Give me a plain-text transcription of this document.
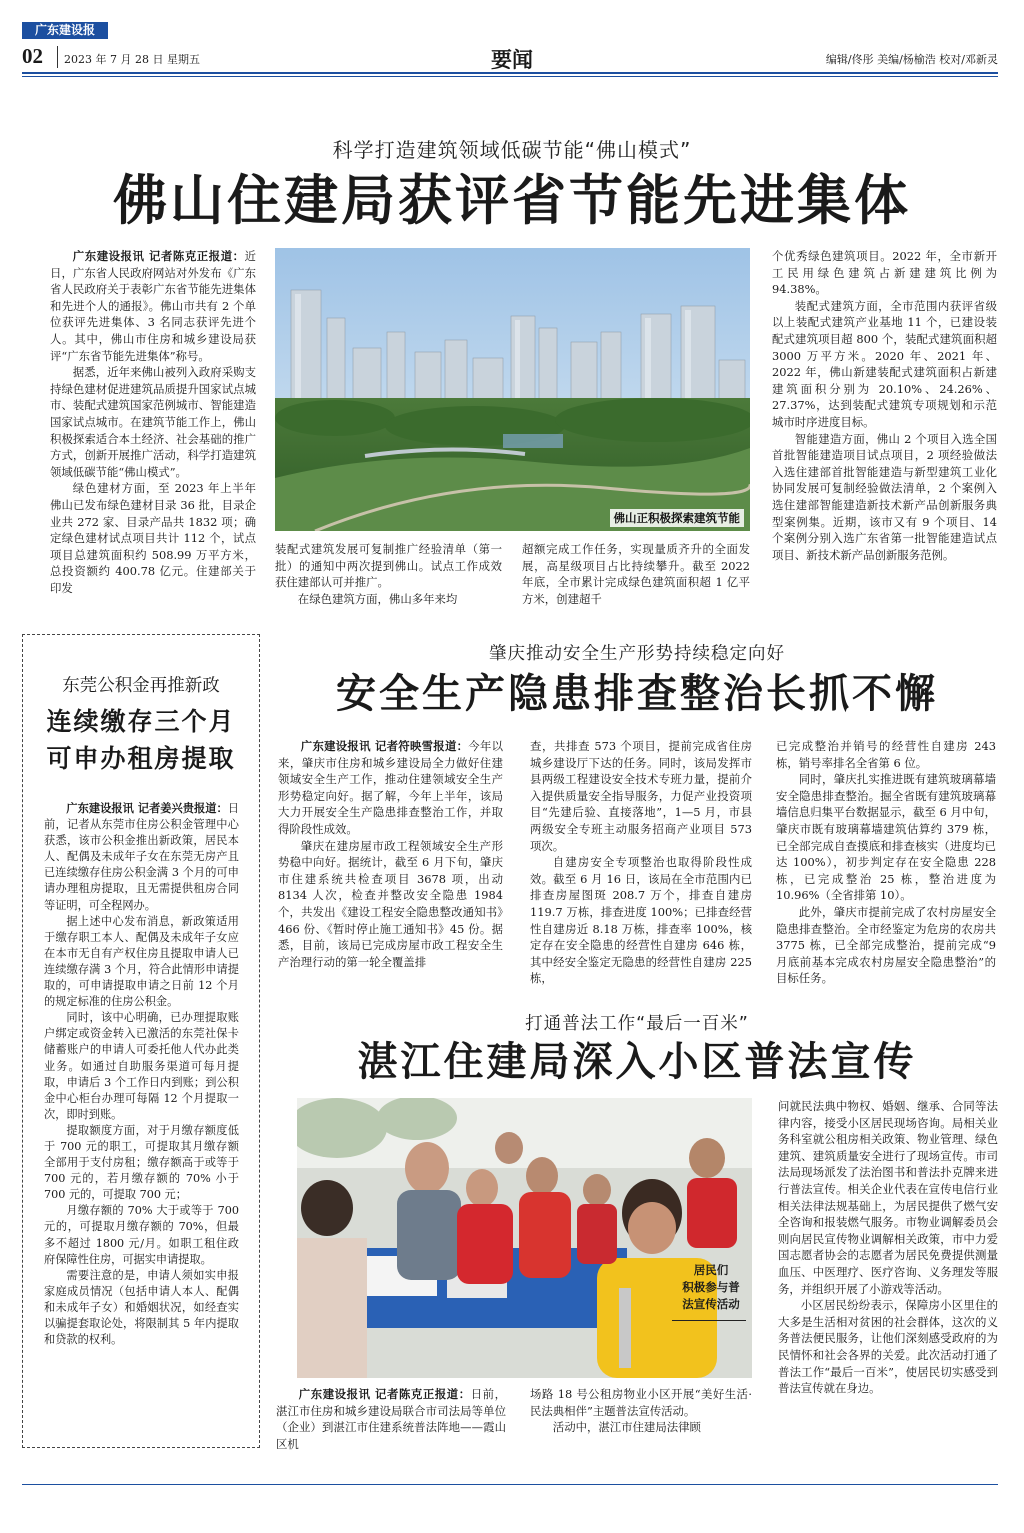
广东建设报
02 2023 年 7 月 28 日 星期五	要闻	编辑/佟彤 美编/杨榆浩 校对/邓新灵
科学打造建筑领域低碳节能“佛山模式”
佛山住建局获评省节能先进集体

广东建设报讯 记者陈克正报道：近日，广东省人民政府网站对外发布《广东省人民政府关于表彰广东省节能先进集体和先进个人的通报》。佛山市共有 2 个单位获评先进集体、3 名同志获评先进个人。其中，佛山市住房和城乡建设局获评“广东省节能先进集体”称号。

据悉，近年来佛山被列入政府采购支持绿色建材促进建筑品质提升国家试点城市、装配式建筑国家范例城市、智能建造国家试点城市。在建筑节能工作上，佛山积极探索适合本土经济、社会基础的推广方式，创新开展推广活动，科学打造建筑领域低碳节能“佛山模式”。

绿色建材方面，至 2023 年上半年佛山已发布绿色建材目录 36 批，目录企业共 272 家、目录产品共 1832 项；确定绿色建材试点项目共计 112 个，试点项目总建筑面积约 508.99 万平方米，总投资额约 400.78 亿元。住建部关于印发

佛山正积极探索建筑节能

装配式建筑发展可复制推广经验清单（第一批）的通知中两次提到佛山。试点工作成效获住建部认可并推广。

在绿色建筑方面，佛山多年来均

超额完成工作任务，实现量质齐升的全面发展，高星级项目占比持续攀升。截至 2022 年底，全市累计完成绿色建筑面积超 1 亿平方米，创建超千

个优秀绿色建筑项目。2022 年，全市新开工民用绿色建筑占新建建筑比例为 94.38%。

装配式建筑方面，全市范围内获评省级以上装配式建筑产业基地 11 个，已建设装配式建筑项目超 800 个，装配式建筑面积超 3000 万平方米。2020 年、2021 年、2022 年，佛山新建装配式建筑面积占新建建筑面积分别为 20.10%、24.26%、27.37%，达到装配式建筑专项规划和示范城市时序进度目标。

智能建造方面，佛山 2 个项目入选全国首批智能建造项目试点项目，2 项经验做法入选住建部首批智能建造与新型建筑工业化协同发展可复制经验做法清单，2 个案例入选住建部智能建造新技术新产品创新服务典型案例集。近期，该市又有 9 个项目、14 个案例分别入选广东省第一批智能建造试点项目、新技术新产品创新服务范例。

东莞公积金再推新政
连续缴存三个月
可申办租房提取

广东建设报讯 记者姜兴贵报道：日前，记者从东莞市住房公积金管理中心获悉，该市公积金推出新政策，居民本人、配偶及未成年子女在东莞无房产且已连续缴存住房公积金满 3 个月的可申请办理租房提取，且无需提供租房合同等证明，可全程网办。

据上述中心发布消息，新政策适用于缴存职工本人、配偶及未成年子女应在本市无自有产权住房且提取申请人已连续缴存满 3 个月，符合此情形申请提取的，可申请提取申请之日前 12 个月的规定标准的住房公积金。

同时，该中心明确，已办理提取账户绑定或资金转入已激活的东莞社保卡储蓄账户的申请人可委托他人代办此类业务。如通过自助服务渠道可每月提取，申请后 3 个工作日内到账；到公积金中心柜台办理可每隔 12 个月提取一次，即时到账。

提取额度方面，对于月缴存额度低于 700 元的职工，可提取其月缴存额全部用于支付房租；缴存额高于或等于 700 元的，若月缴存额的 70% 小于 700 元的，可提取 700 元；

月缴存额的 70% 大于或等于 700 元的，可提取月缴存额的 70%，但最多不超过 1800 元/月。如职工租住政府保障性住房，可据实申请提取。

需要注意的是，申请人须如实申报家庭成员情况（包括申请人本人、配偶和未成年子女）和婚姻状况，如经查实以骗提套取论处，将限制其 5 年内提取和贷款的权利。

肇庆推动安全生产形势持续稳定向好
安全生产隐患排查整治长抓不懈

广东建设报讯 记者符映雪报道：今年以来，肇庆市住房和城乡建设局全力做好住建领域安全生产工作，推动住建领域安全生产形势稳定向好。据了解，今年上半年，该局大力开展安全生产隐患排查整治工作，并取得阶段性成效。

肇庆在建房屋市政工程领域安全生产形势稳中向好。据统计，截至 6 月下旬，肇庆市住建系统共检查项目 3678 项，出动 8134 人次，检查并整改安全隐患 1984 个，共发出《建设工程安全隐患整改通知书》466 份、《暂时停止施工通知书》45 份。据悉，目前，该局已完成房屋市政工程安全生产治理行动的第一轮全覆盖排

查，共排查 573 个项目，提前完成省住房城乡建设厅下达的任务。同时，该局发挥市县两级工程建设安全技术专班力量，提前介入提供质量安全指导服务，力促产业投资项目“先建后验、直接落地”，1—5 月，市县两级安全专班主动服务招商产业项目 573 项次。

自建房安全专项整治也取得阶段性成效。截至 6 月 16 日，该局在全市范围内已排查房屋图斑 208.7 万个，排查自建房 119.7 万栋，排查进度 100%；已排查经营性自建房近 8.18 万栋，排查率 100%，核定存在安全隐患的经营性自建房 646 栋，其中经安全鉴定无隐患的经营性自建房 225 栋，

已完成整治并销号的经营性自建房 243 栋，销号率排名全省第 6 位。

同时，肇庆扎实推进既有建筑玻璃幕墙安全隐患排查整治。掘全省既有建筑玻璃幕墙信息归集平台数据显示，截至 6 月中旬，肇庆市既有玻璃幕墙建筑估算约 379 栋，已全部完成自查摸底和排查核实（进度均已达 100%），初步判定存在安全隐患 228 栋，已完成整治 25 栋，整治进度为 10.96%（全省排第 10）。

此外，肇庆市提前完成了农村房屋安全隐患排查整治。全市经鉴定为危房的农房共 3775 栋，已全部完成整治，提前完成“9 月底前基本完成农村房屋安全隐患整治”的目标任务。

打通普法工作“最后一百米”
湛江住建局深入小区普法宣传
居民们
积极参与普
法宣传活动

广东建设报讯 记者陈克正报道：日前，湛江市住房和城乡建设局联合市司法局等单位（企业）到湛江市住建系统普法阵地——霞山区机

场路 18 号公租房物业小区开展“美好生活·民法典相伴”主题普法宣传活动。

活动中，湛江市住建局法律顾

问就民法典中物权、婚姻、继承、合同等法律内容，接受小区居民现场咨询。局相关业务科室就公租房相关政策、物业管理、绿色建筑、建筑质量安全进行了现场宣传。市司法局现场派发了法治图书和普法扑克牌来进行普法宣传。相关企业代表在宣传电信行业相关法律法规基础上，为居民提供了燃气安全咨询和报装燃气服务。市物业调解委员会则向居民宣传物业调解相关政策，市中力爱国志愿者协会的志愿者为居民免费提供测量血压、中医理疗、医疗咨询、义务理发等服务，并组织开展了小游戏等活动。

小区居民纷纷表示，保障房小区里住的大多是生活相对贫困的社会群体，这次的义务普法便民服务，让他们深刻感受政府的为民情怀和社会各界的关爱。此次活动打通了普法工作“最后一百米”，使居民切实感受到普法宣传就在身边。
